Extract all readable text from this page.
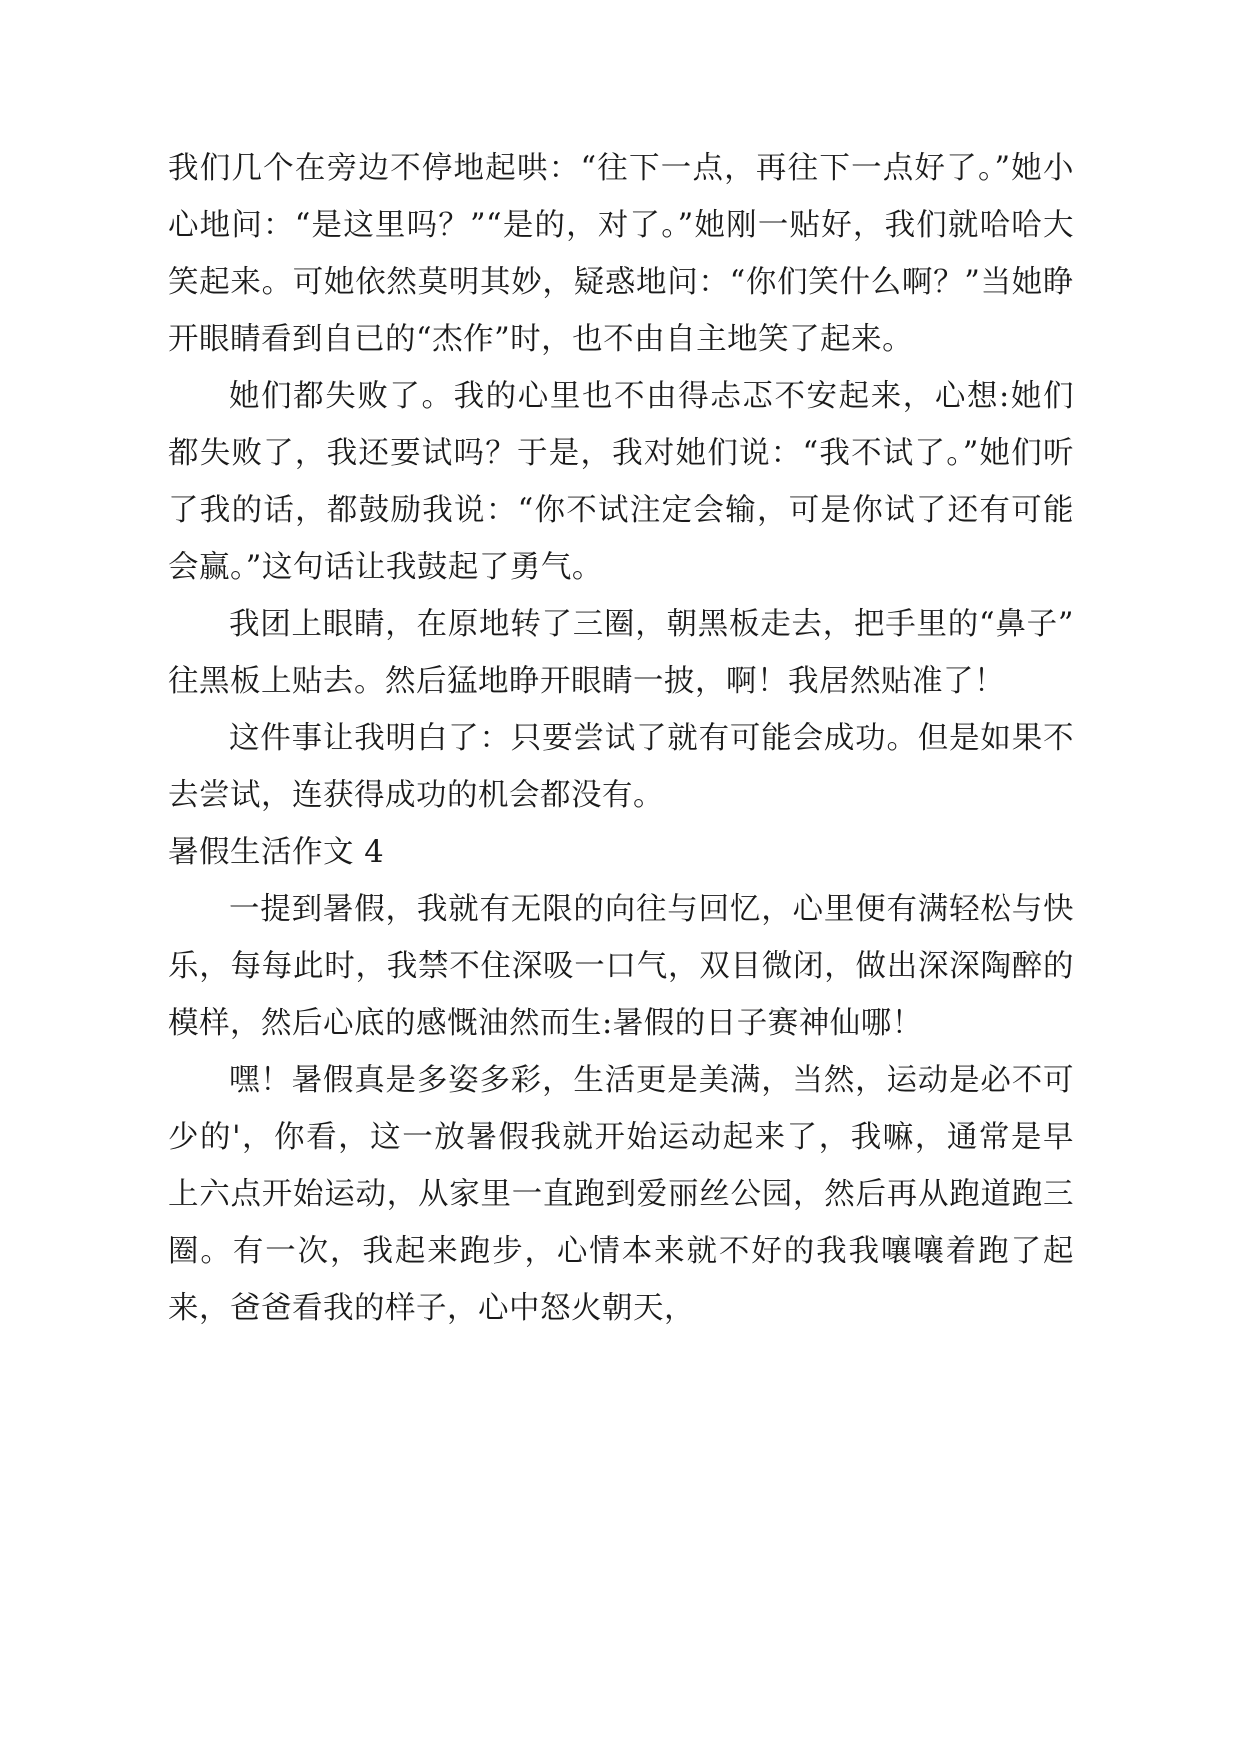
我们几个在旁边不停地起哄：“往下一点，再往下一点好了。”她小心地问：“是这里吗？”“是的，对了。”她刚一贴好，我们就哈哈大笑起来。可她依然莫明其妙，疑惑地问：“你们笑什么啊？”当她睁开眼睛看到自已的“杰作”时，也不由自主地笑了起来。

她们都失败了。我的心里也不由得忐忑不安起来，心想:她们都失败了，我还要试吗？于是，我对她们说：“我不试了。”她们听了我的话，都鼓励我说：“你不试注定会输，可是你试了还有可能会赢。”这句话让我鼓起了勇气。

我团上眼睛，在原地转了三圈，朝黑板走去，把手里的“鼻子”往黑板上贴去。然后猛地睁开眼睛一披，啊！我居然贴准了！

这件事让我明白了：只要尝试了就有可能会成功。但是如果不去尝试，连获得成功的机会都没有。

暑假生活作文 4

一提到暑假，我就有无限的向往与回忆，心里便有满轻松与快乐，每每此时，我禁不住深吸一口气，双目微闭，做出深深陶醉的模样，然后心底的感慨油然而生:暑假的日子赛神仙哪！

嘿！暑假真是多姿多彩，生活更是美满，当然，运动是必不可少的'，你看，这一放暑假我就开始运动起来了，我嘛，通常是早上六点开始运动，从家里一直跑到爱丽丝公园，然后再从跑道跑三圈。有一次，我起来跑步，心情本来就不好的我我嚷嚷着跑了起来，爸爸看我的样子，心中怒火朝天，
